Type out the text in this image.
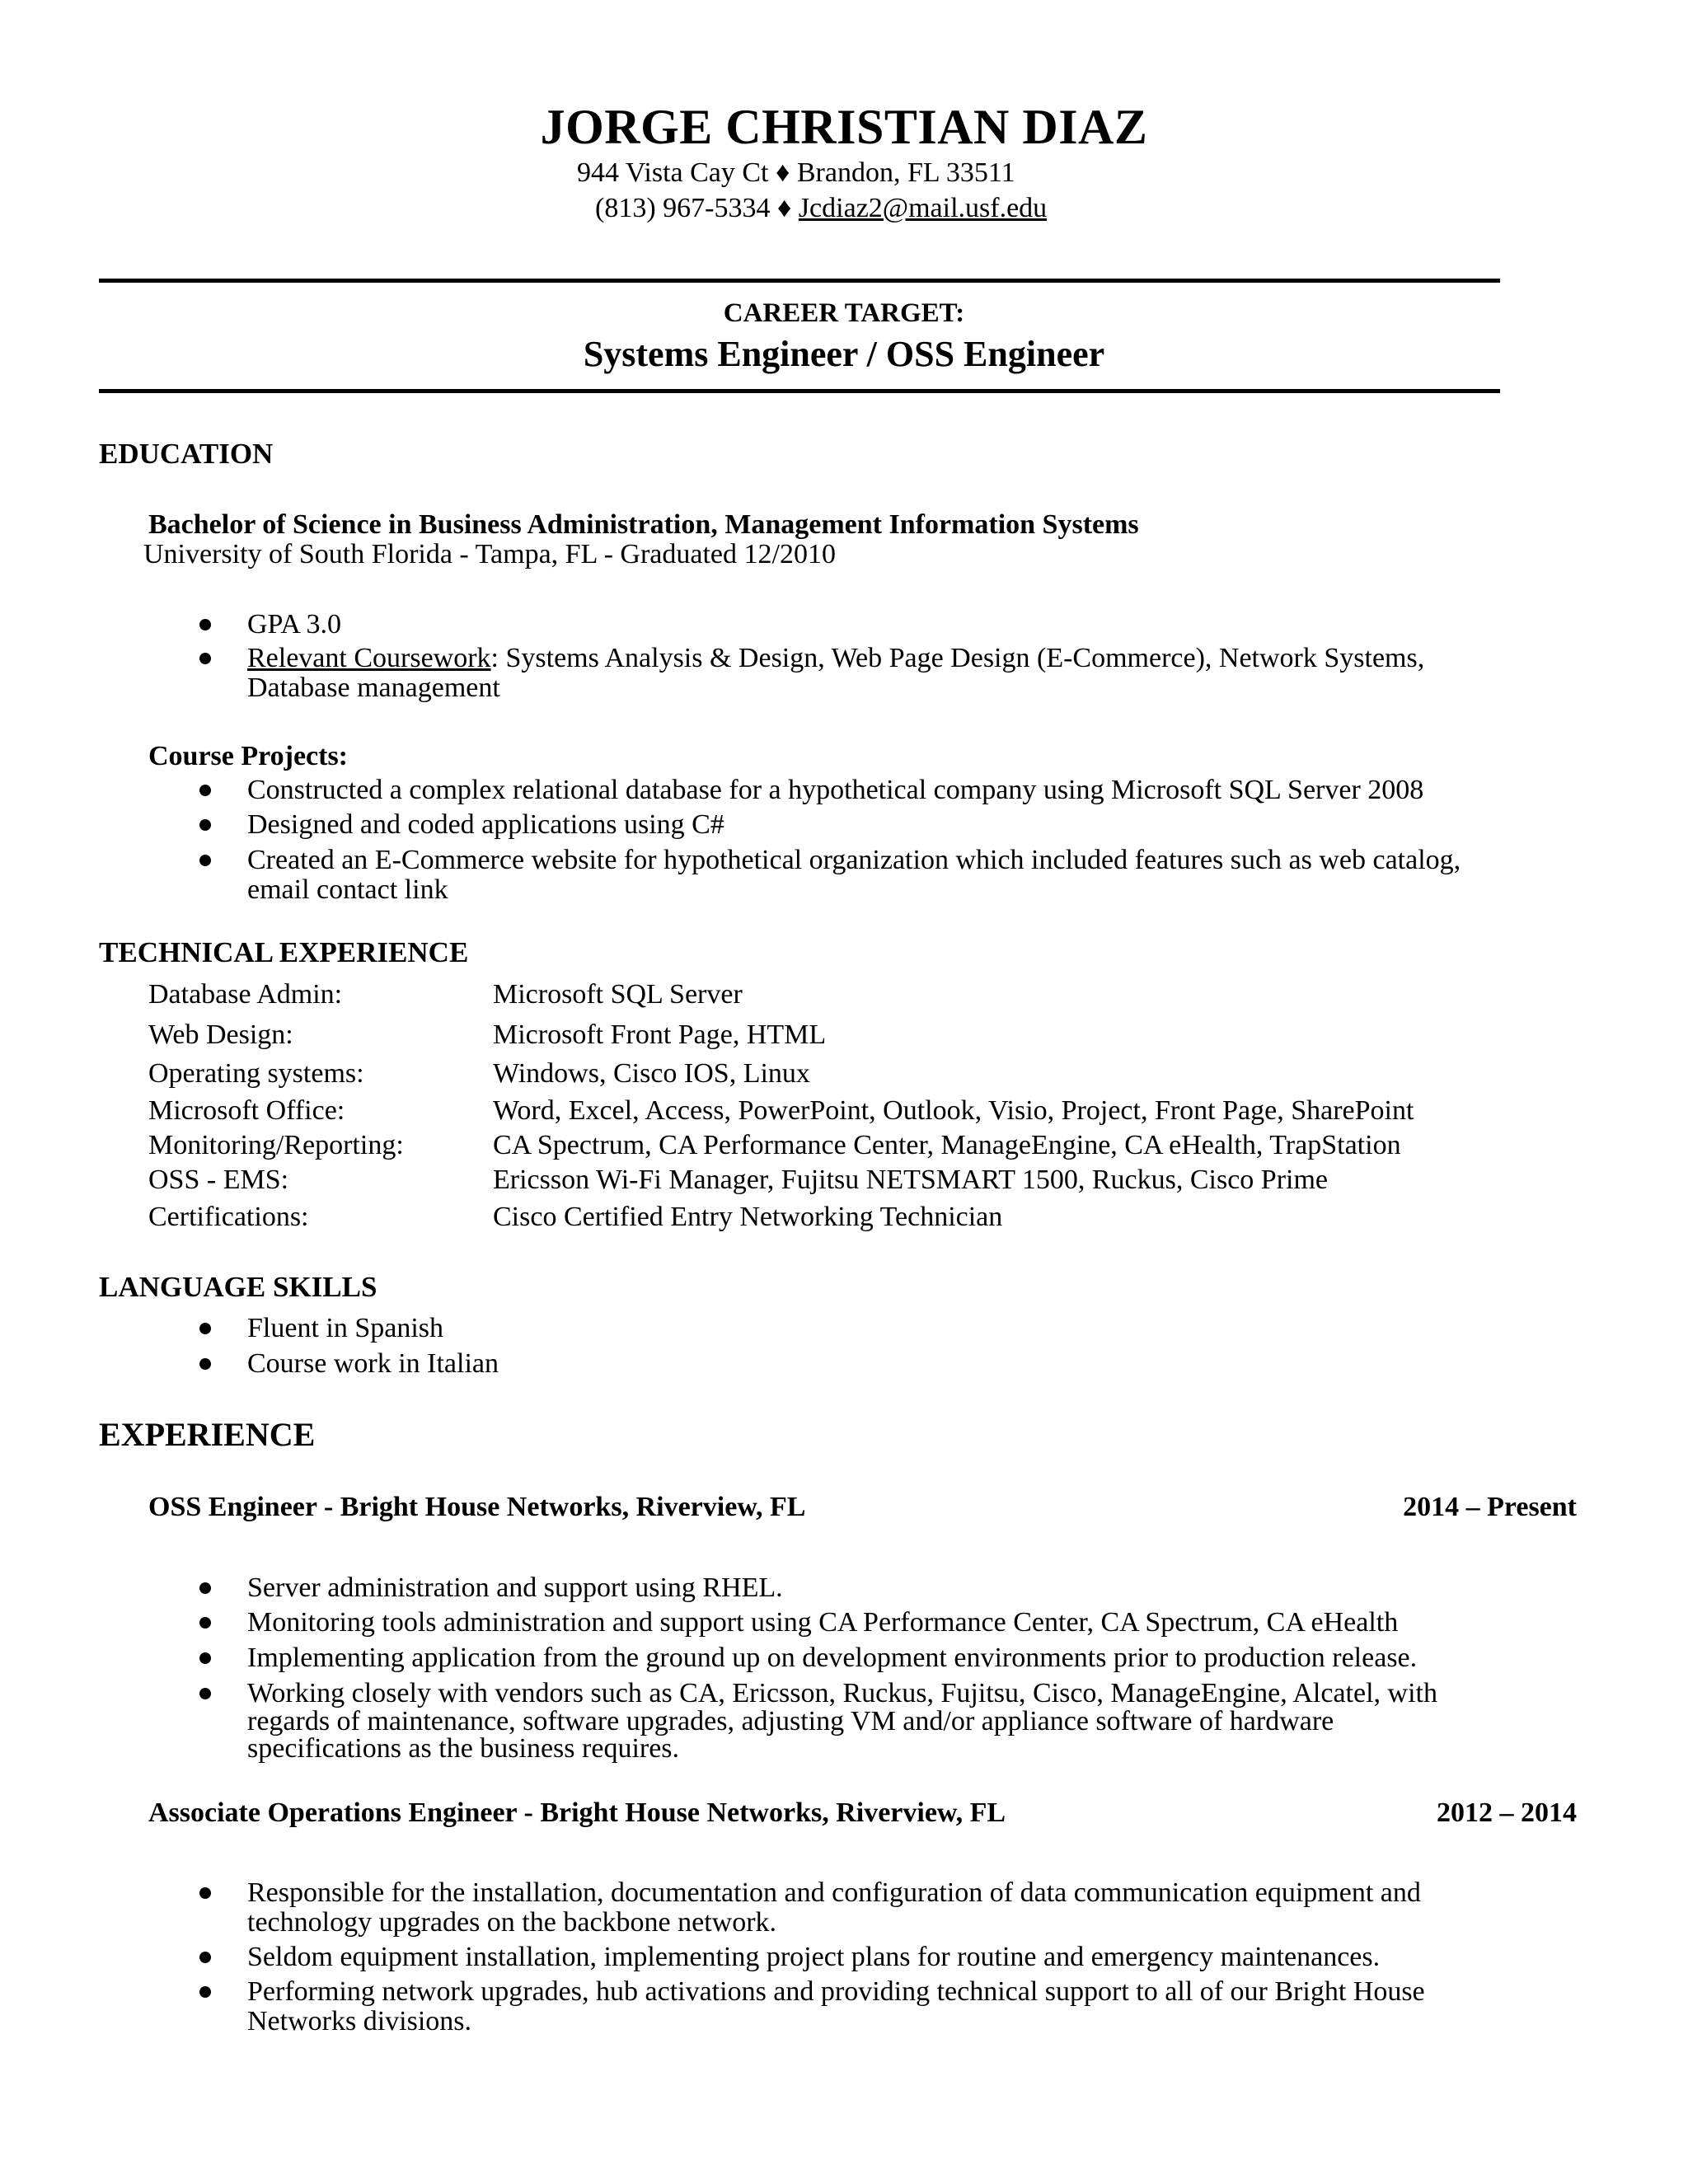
JORGE CHRISTIAN DIAZ
944 Vista Cay Ct ♦ Brandon, FL 33511
(813) 967-5334 ♦ Jcdiaz2@mail.usf.edu
CAREER TARGET:
Systems Engineer / OSS Engineer
EDUCATION
Bachelor of Science in Business Administration, Management Information Systems
University of South Florida - Tampa, FL - Graduated 12/2010
GPA 3.0
Relevant Coursework: Systems Analysis & Design, Web Page Design (E-Commerce), Network Systems,
Database management
Course Projects:
Constructed a complex relational database for a hypothetical company using Microsoft SQL Server 2008
Designed and coded applications using C#
Created an E-Commerce website for hypothetical organization which included features such as web catalog,
email contact link
TECHNICAL EXPERIENCE
Database Admin:	Microsoft SQL Server
Web Design:	Microsoft Front Page, HTML
Operating systems:	Windows, Cisco IOS, Linux
Microsoft Office:	Word, Excel, Access, PowerPoint, Outlook, Visio, Project, Front Page, SharePoint
Monitoring/Reporting:	CA Spectrum, CA Performance Center, ManageEngine, CA eHealth, TrapStation
OSS - EMS:	Ericsson Wi-Fi Manager, Fujitsu NETSMART 1500, Ruckus, Cisco Prime
Certifications:	Cisco Certified Entry Networking Technician
LANGUAGE SKILLS
Fluent in Spanish
Course work in Italian
EXPERIENCE
OSS Engineer - Bright House Networks, Riverview, FL	2014 – Present
Server administration and support using RHEL.
Monitoring tools administration and support using CA Performance Center, CA Spectrum, CA eHealth
Implementing application from the ground up on development environments prior to production release.
Working closely with vendors such as CA, Ericsson, Ruckus, Fujitsu, Cisco, ManageEngine, Alcatel, with
regards of maintenance, software upgrades, adjusting VM and/or appliance software of hardware
specifications as the business requires.
Associate Operations Engineer - Bright House Networks, Riverview, FL	2012 – 2014
Responsible for the installation, documentation and configuration of data communication equipment and
technology upgrades on the backbone network.
Seldom equipment installation, implementing project plans for routine and emergency maintenances.
Performing network upgrades, hub activations and providing technical support to all of our Bright House
Networks divisions.
